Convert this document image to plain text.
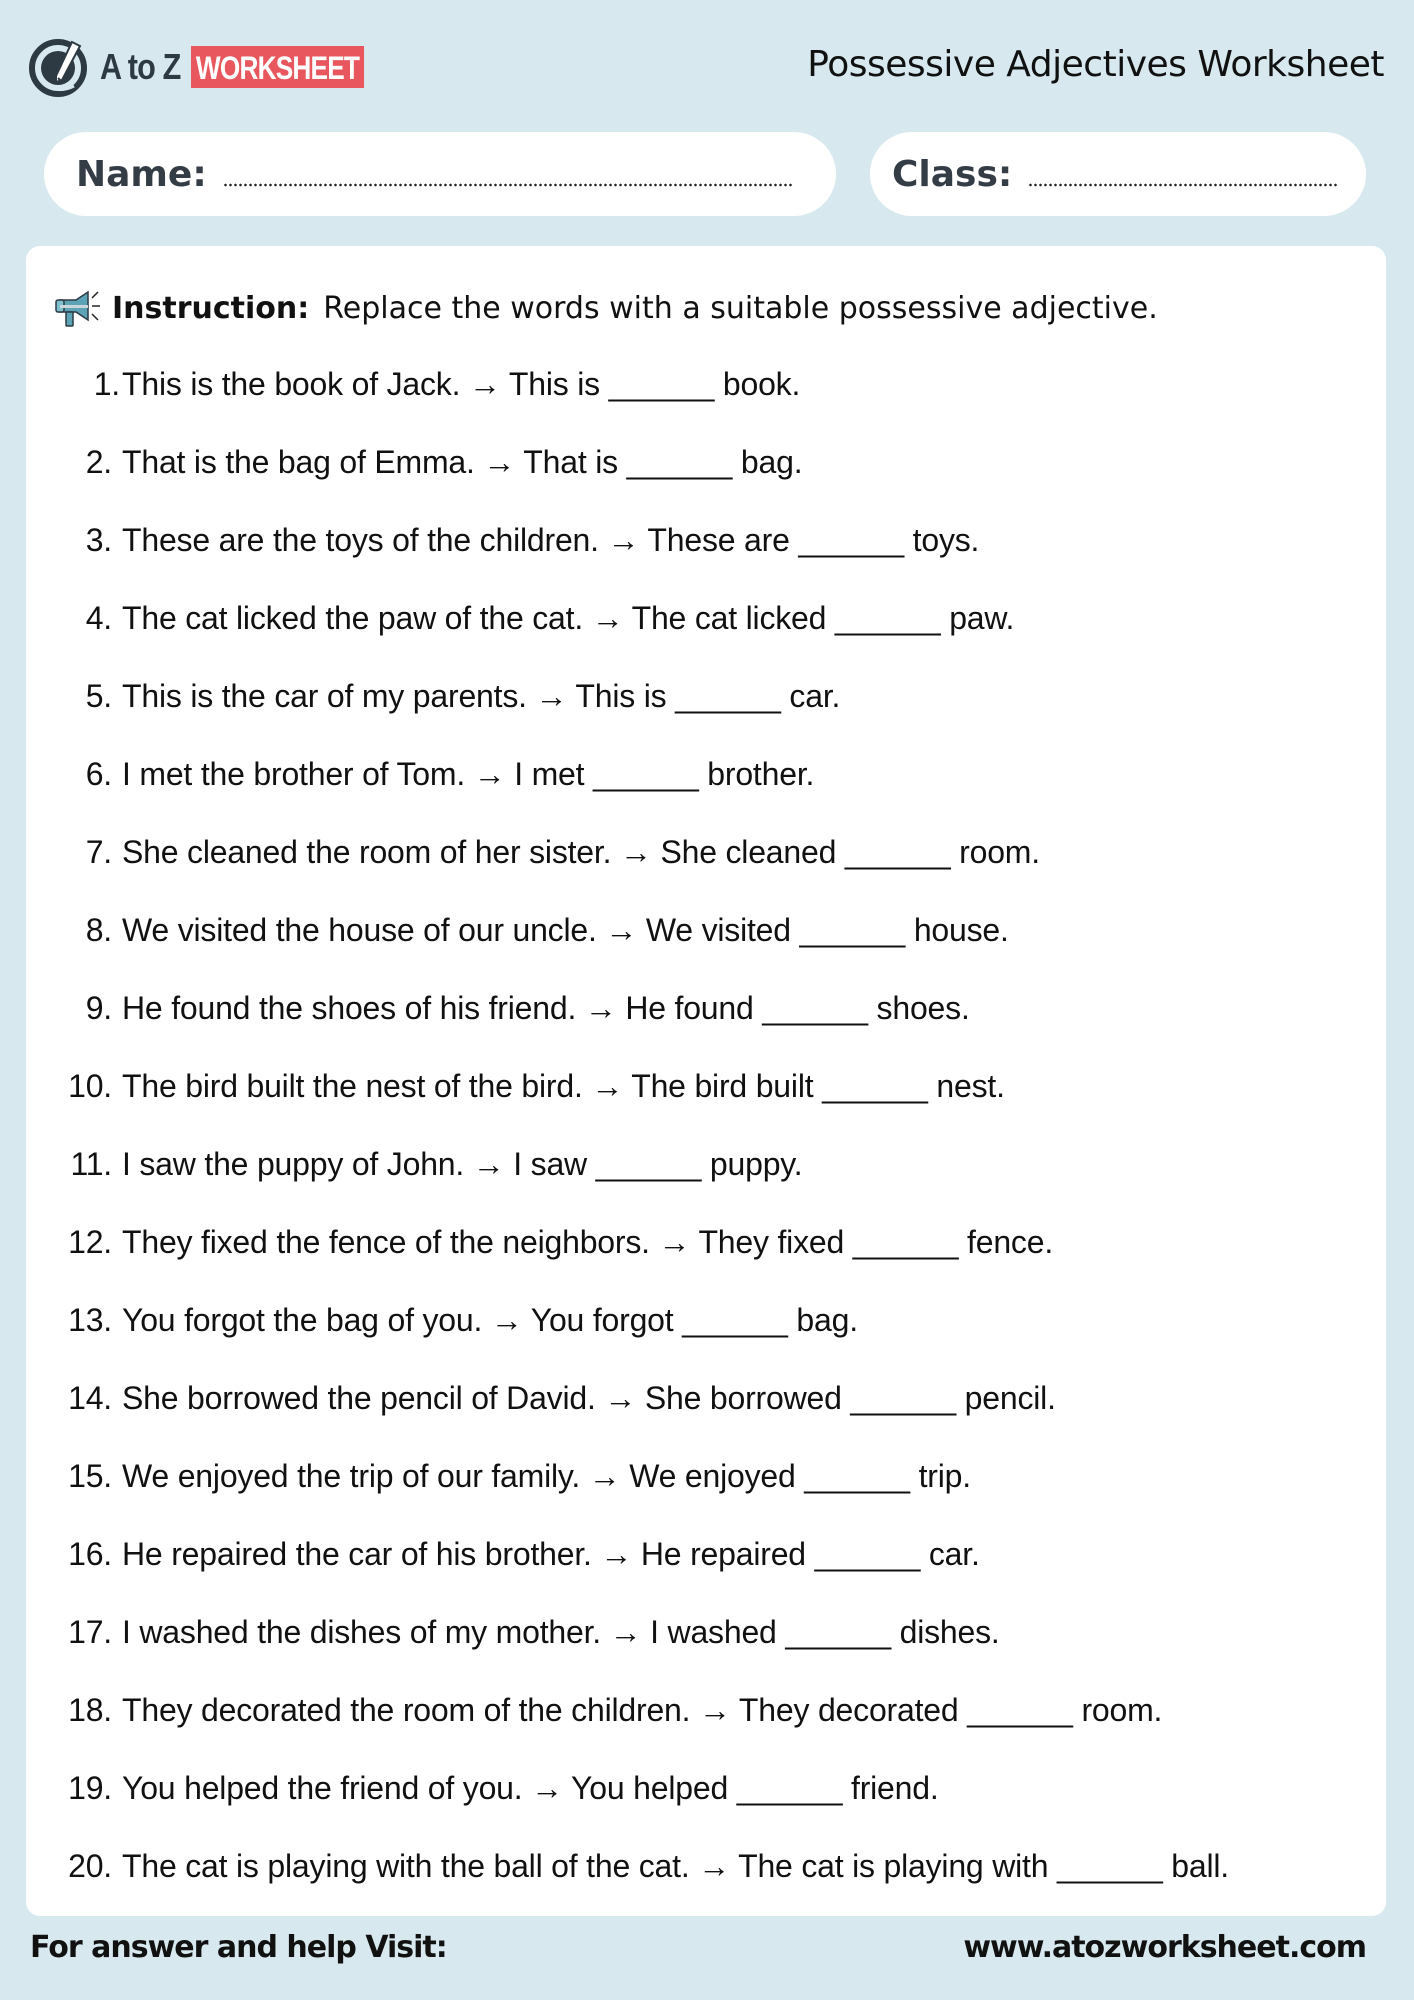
A to Z WORKSHEET	Possessive Adjectives Worksheet
Name:	Class:
Instruction: Replace the words with a suitable possessive adjective.
1. This is the book of Jack. → This is ______ book.
2. That is the bag of Emma. → That is ______ bag.
3. These are the toys of the children. → These are ______ toys.
4. The cat licked the paw of the cat. → The cat licked ______ paw.
5. This is the car of my parents. → This is ______ car.
6. I met the brother of Tom. → I met ______ brother.
7. She cleaned the room of her sister. → She cleaned ______ room.
8. We visited the house of our uncle. → We visited ______ house.
9. He found the shoes of his friend. → He found ______ shoes.
10. The bird built the nest of the bird. → The bird built ______ nest.
11. I saw the puppy of John. → I saw ______ puppy.
12. They fixed the fence of the neighbors. → They fixed ______ fence.
13. You forgot the bag of you. → You forgot ______ bag.
14. She borrowed the pencil of David. → She borrowed ______ pencil.
15. We enjoyed the trip of our family. → We enjoyed ______ trip.
16. He repaired the car of his brother. → He repaired ______ car.
17. I washed the dishes of my mother. → I washed ______ dishes.
18. They decorated the room of the children. → They decorated ______ room.
19. You helped the friend of you. → You helped ______ friend.
20. The cat is playing with the ball of the cat. → The cat is playing with ______ ball.
For answer and help Visit:	www.atozworksheet.com
